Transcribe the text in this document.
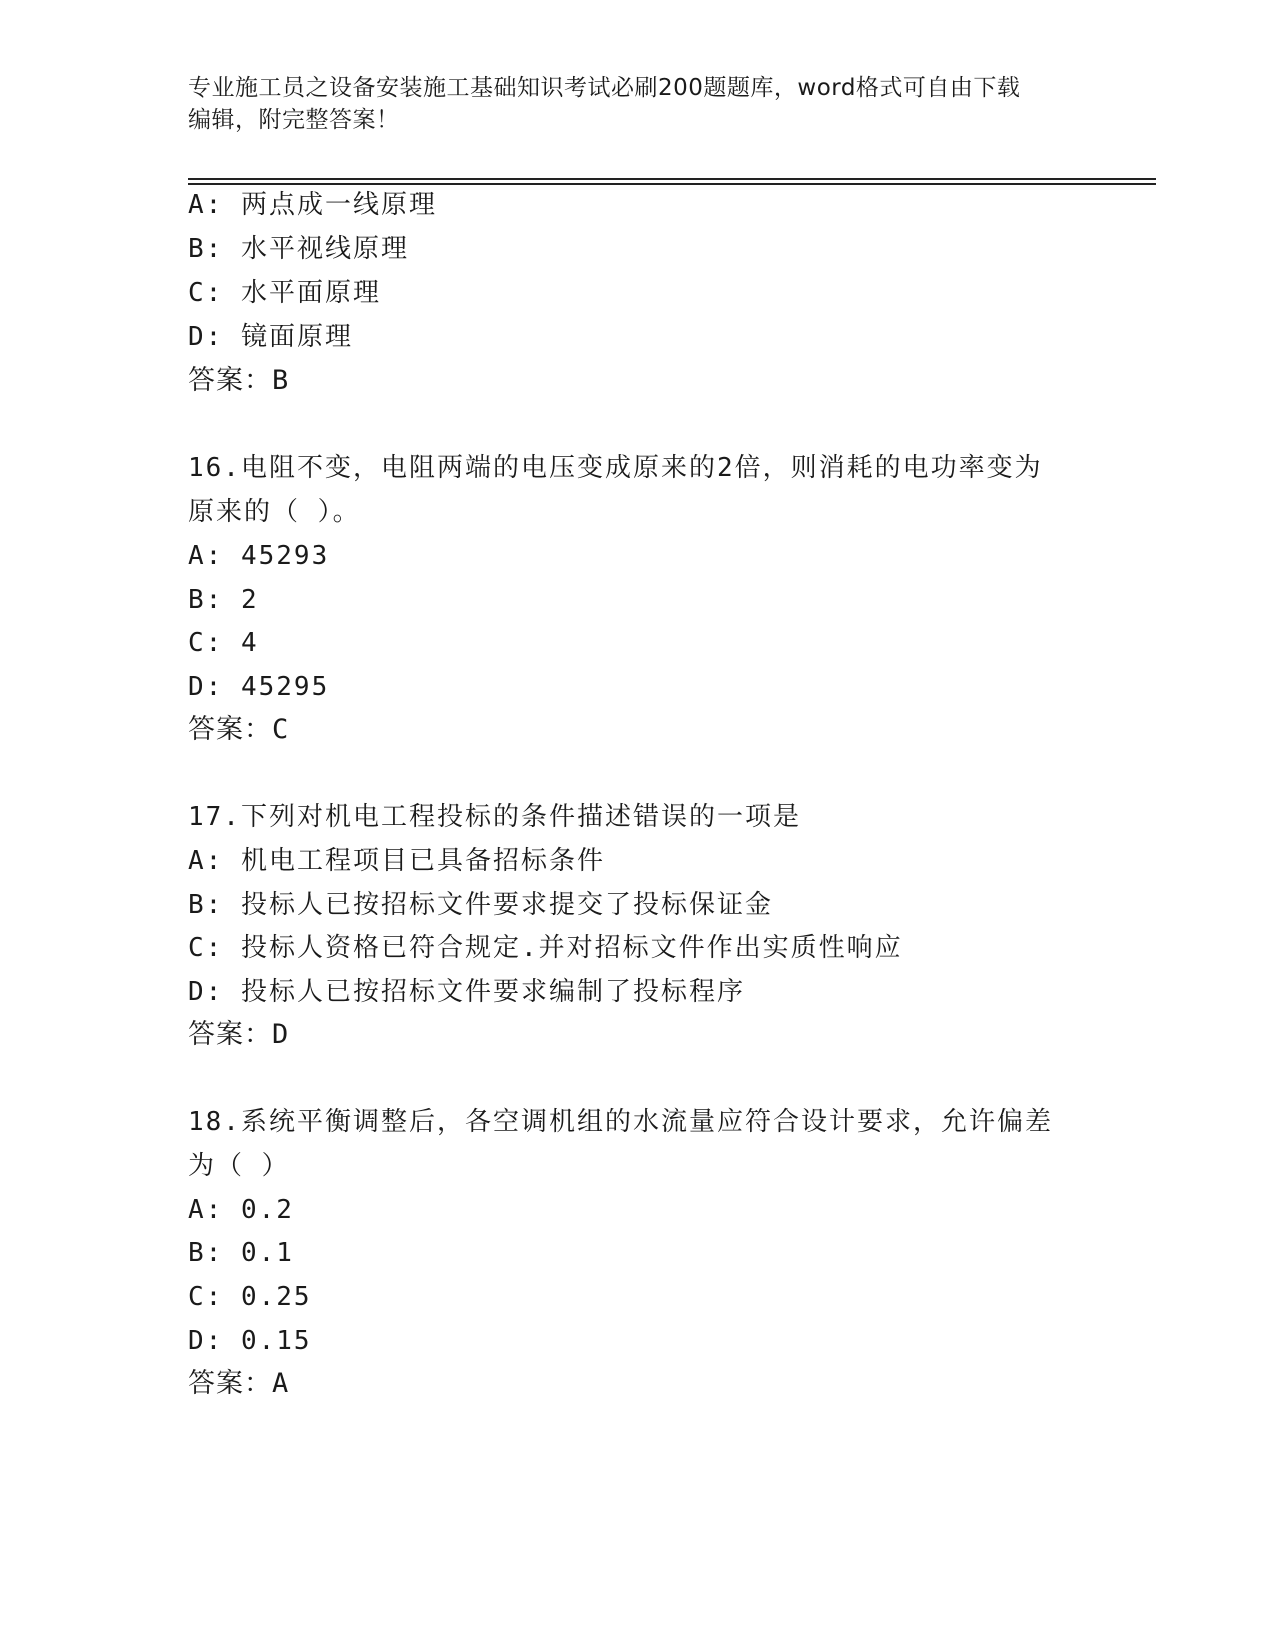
专业施工员之设备安装施工基础知识考试必刷200题题库，word格式可自由下载
编辑，附完整答案！
A: 两点成一线原理
B: 水平视线原理
C: 水平面原理
D: 镜面原理
答案：B
16.电阻不变，电阻两端的电压变成原来的2倍，则消耗的电功率变为
原来的（ ）。
A: 45293
B: 2
C: 4
D: 45295
答案：C
17.下列对机电工程投标的条件描述错误的一项是
A: 机电工程项目已具备招标条件
B: 投标人已按招标文件要求提交了投标保证金
C: 投标人资格已符合规定.并对招标文件作出实质性响应
D: 投标人已按招标文件要求编制了投标程序
答案：D
18.系统平衡调整后，各空调机组的水流量应符合设计要求，允许偏差
为（ ）
A: 0.2
B: 0.1
C: 0.25
D: 0.15
答案：A
